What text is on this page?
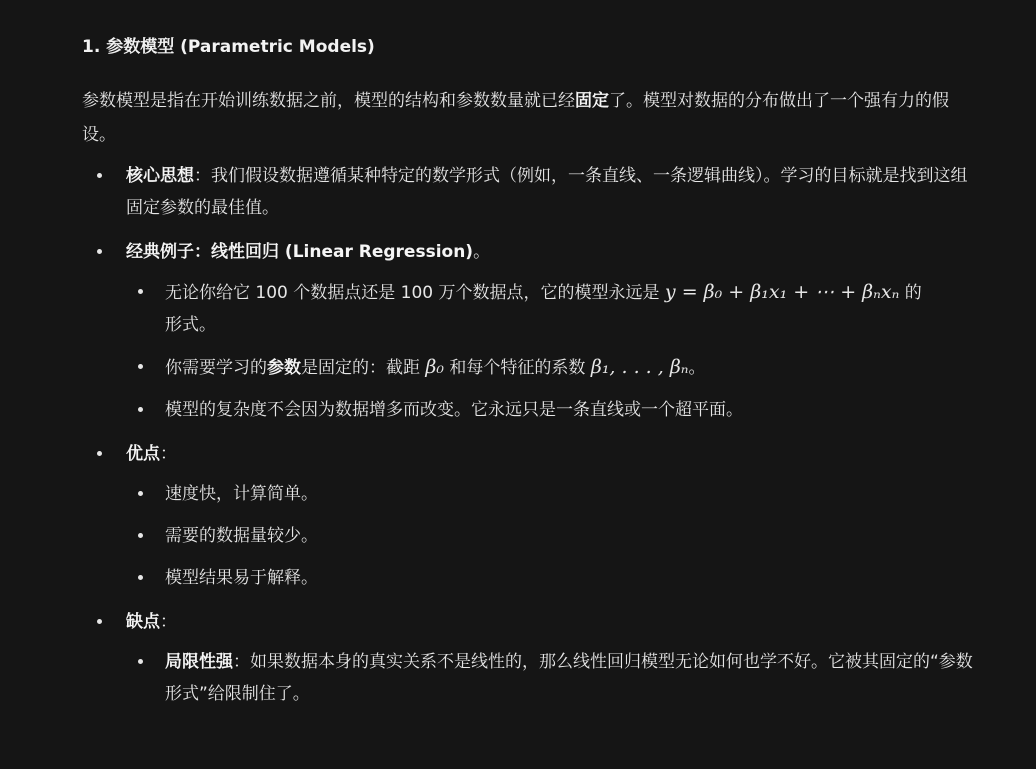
1. 参数模型 (Parametric Models)

参数模型是指在开始训练数据之前，模型的结构和参数数量就已经固定了。模型对数据的分布做出了一个强有力的假设。

核心思想：我们假设数据遵循某种特定的数学形式（例如，一条直线、一条逻辑曲线）。学习的目标就是找到这组固定参数的最佳值。
经典例子：线性回归 (Linear Regression)。
无论你给它 100 个数据点还是 100 万个数据点，它的模型永远是 y = β₀ + β₁x₁ + ⋯ + βₙxₙ 的形式。
你需要学习的参数是固定的：截距 β₀ 和每个特征的系数 β₁, . . . , βₙ。
模型的复杂度不会因为数据增多而改变。它永远只是一条直线或一个超平面。
优点：
速度快，计算简单。
需要的数据量较少。
模型结果易于解释。
缺点：
局限性强：如果数据本身的真实关系不是线性的，那么线性回归模型无论如何也学不好。它被其固定的“参数形式”给限制住了。
